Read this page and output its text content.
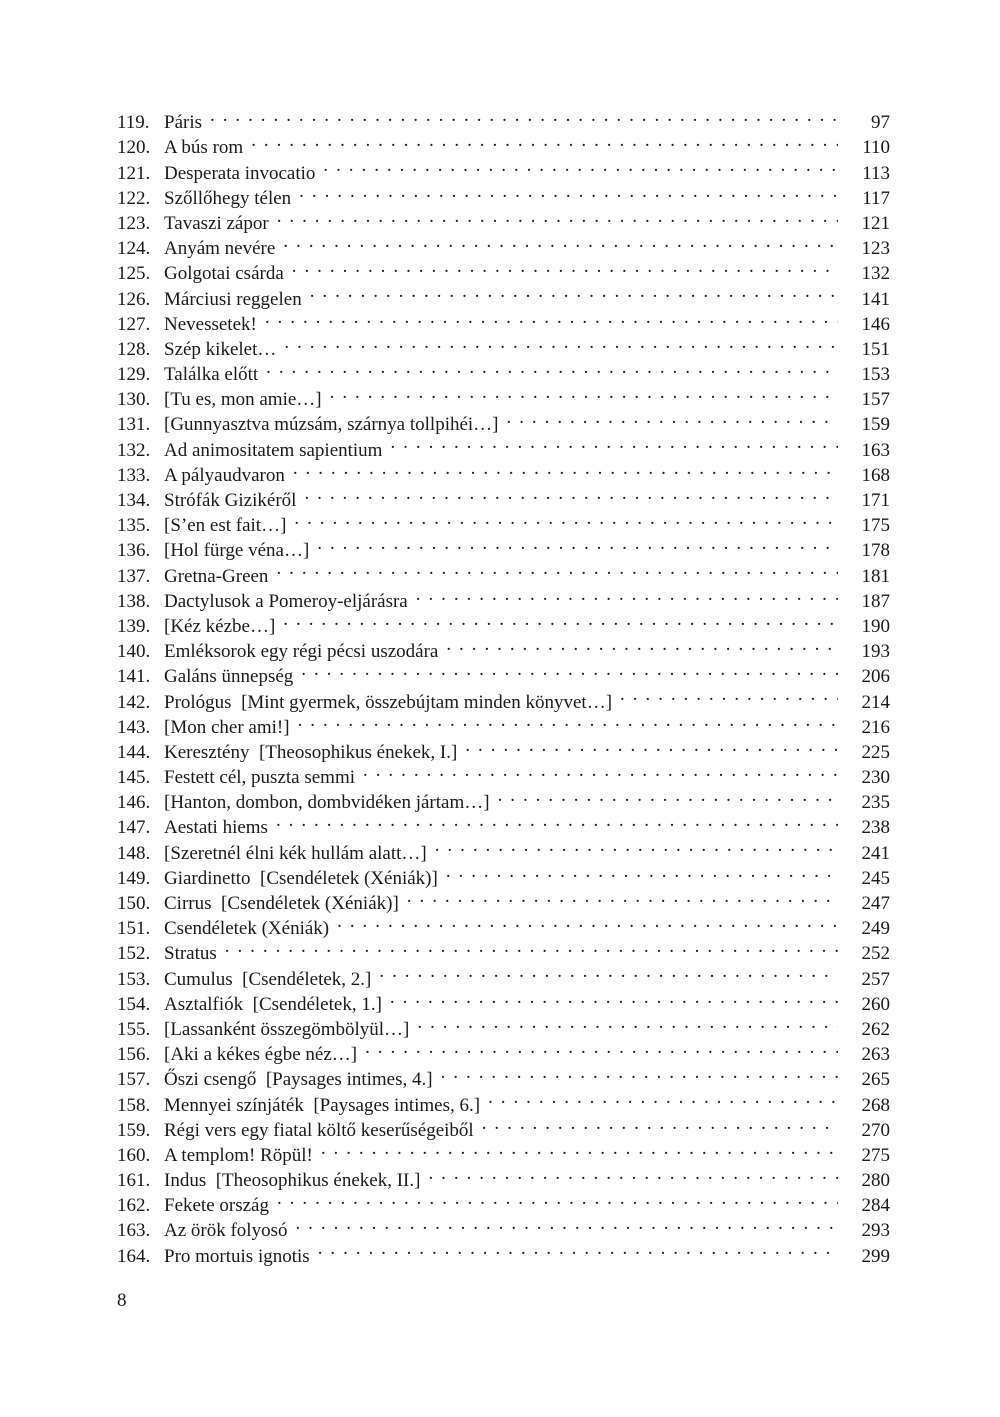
119. Páris . . .	97
120. A bús rom . . .	110
121. Desperata invocatio . . .	113
122. Szőllőhegy télen . . .	117
123. Tavaszi zápor . . .	121
124. Anyám nevére . . .	123
125. Golgotai csárda . . .	132
126. Márciusi reggelen . . .	141
127. Nevessetek! . . .	146
128. Szép kikelet… . . .	151
129. Találka előtt . . .	153
130. [Tu es, mon amie…] . . .	157
131. [Gunnyasztva múzsám, szárnya tollpihéi…] . . .	159
132. Ad animositatem sapientium . . .	163
133. A pályaudvaron . . .	168
134. Strófák Gizikéről . . .	171
135. [S’en est fait…] . . .	175
136. [Hol fürge véna…] . . .	178
137. Gretna-Green . . .	181
138. Dactylusok a Pomeroy-eljárásra . . .	187
139. [Kéz kézbe…] . . .	190
140. Emléksorok egy régi pécsi uszodára . . .	193
141. Galáns ünnepség . . .	206
142. Prológus  [Mint gyermek, összebújtam minden könyvet…] . . .	214
143. [Mon cher ami!] . . .	216
144. Keresztény  [Theosophikus énekek, I.] . . .	225
145. Festett cél, puszta semmi . . .	230
146. [Hanton, dombon, dombvidéken jártam…] . . .	235
147. Aestati hiems . . .	238
148. [Szeretnél élni kék hullám alatt…] . . .	241
149. Giardinetto  [Csendéletek (Xéniák)] . . .	245
150. Cirrus  [Csendéletek (Xéniák)] . . .	247
151. Csendéletek (Xéniák) . . .	249
152. Stratus . . .	252
153. Cumulus  [Csendéletek, 2.] . . .	257
154. Asztalfiók  [Csendéletek, 1.] . . .	260
155. [Lassanként összegömbölyül…] . . .	262
156. [Aki a kékes égbe néz…] . . .	263
157. Őszi csengő  [Paysages intimes, 4.] . . .	265
158. Mennyei színjáték  [Paysages intimes, 6.] . . .	268
159. Régi vers egy fiatal költő keserűségeiből . . .	270
160. A templom! Röpül! . . .	275
161. Indus  [Theosophikus énekek, II.] . . .	280
162. Fekete ország . . .	284
163. Az örök folyosó . . .	293
164. Pro mortuis ignotis . . .	299
8
